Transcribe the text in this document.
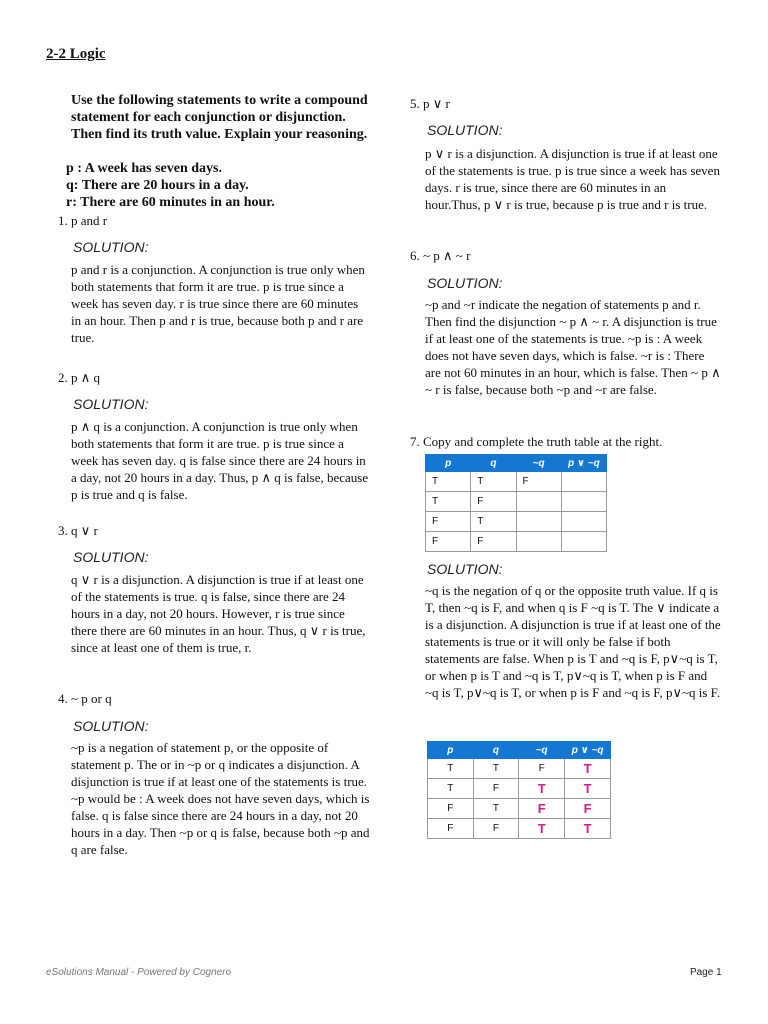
2-2 Logic
Use the following statements to write a compound statement for each conjunction or disjunction. Then find its truth value. Explain your reasoning.
p : A week has seven days.
q: There are 20 hours in a day.
r: There are 60 minutes in an hour.
1. p and r
SOLUTION:
p and r is a conjunction. A conjunction is true only when both statements that form it are true. p is true since a week has seven day. r is true since there are 60 minutes in an hour. Then p and r is true, because both p and r are true.
2. p ∧ q
SOLUTION:
p ∧ q is a conjunction. A conjunction is true only when both statements that form it are true. p is true since a week has seven day. q is false since there are 24 hours in a day, not 20 hours in a day. Thus, p ∧ q is false, because p is true and q is false.
3. q ∨ r
SOLUTION:
q ∨ r is a disjunction. A disjunction is true if at least one of the statements is true. q is false, since there are 24 hours in a day, not 20 hours. However, r is true since there there are 60 minutes in an hour. Thus, q ∨ r is true, since at least one of them is true, r.
4. ~ p or q
SOLUTION:
~p is a negation of statement p, or the opposite of statement p. The or in ~p or q indicates a disjunction. A disjunction is true if at least one of the statements is true. ~p would be : A week does not have seven days, which is false. q is false since there are 24 hours in a day, not 20 hours in a day. Then ~p or q is false, because both ~p and q are false.
5. p ∨ r
SOLUTION:
p ∨ r is a disjunction. A disjunction is true if at least one of the statements is true. p is true since a week has seven days. r is true, since there are 60 minutes in an hour.Thus, p ∨ r is true, because p is true and r is true.
6. ~ p ∧ ~ r
SOLUTION:
~p and ~r indicate the negation of statements p and r. Then find the disjunction ~ p ∧ ~ r. A disjunction is true if at least one of the statements is true. ~p is : A week does not have seven days, which is false. ~r is : There are not 60 minutes in an hour, which is false. Then ~ p ∧ ~ r is false, because both ~p and ~r are false.
7. Copy and complete the truth table at the right.
p	q	~q	p ∨ ~q
T	T	F	
T	F		
F	T		
F	F		
SOLUTION:
~q is the negation of q or the opposite truth value. If q is T, then ~q is F, and when q is F ~q is T. The ∨ indicate a is a disjunction. A disjunction is true if at least one of the statements is true or it will only be false if both statements are false. When p is T and ~q is F, p∨~q is T, or when p is T and ~q is T, p∨~q is T, when p is F and ~q is T, p∨~q is T, or when p is F and ~q is F, p∨~q is F.
p	q	~q	p ∨ ~q
T	T	F	T
T	F	T	T
F	T	F	F
F	F	T	T
eSolutions Manual - Powered by Cognero	Page 1
